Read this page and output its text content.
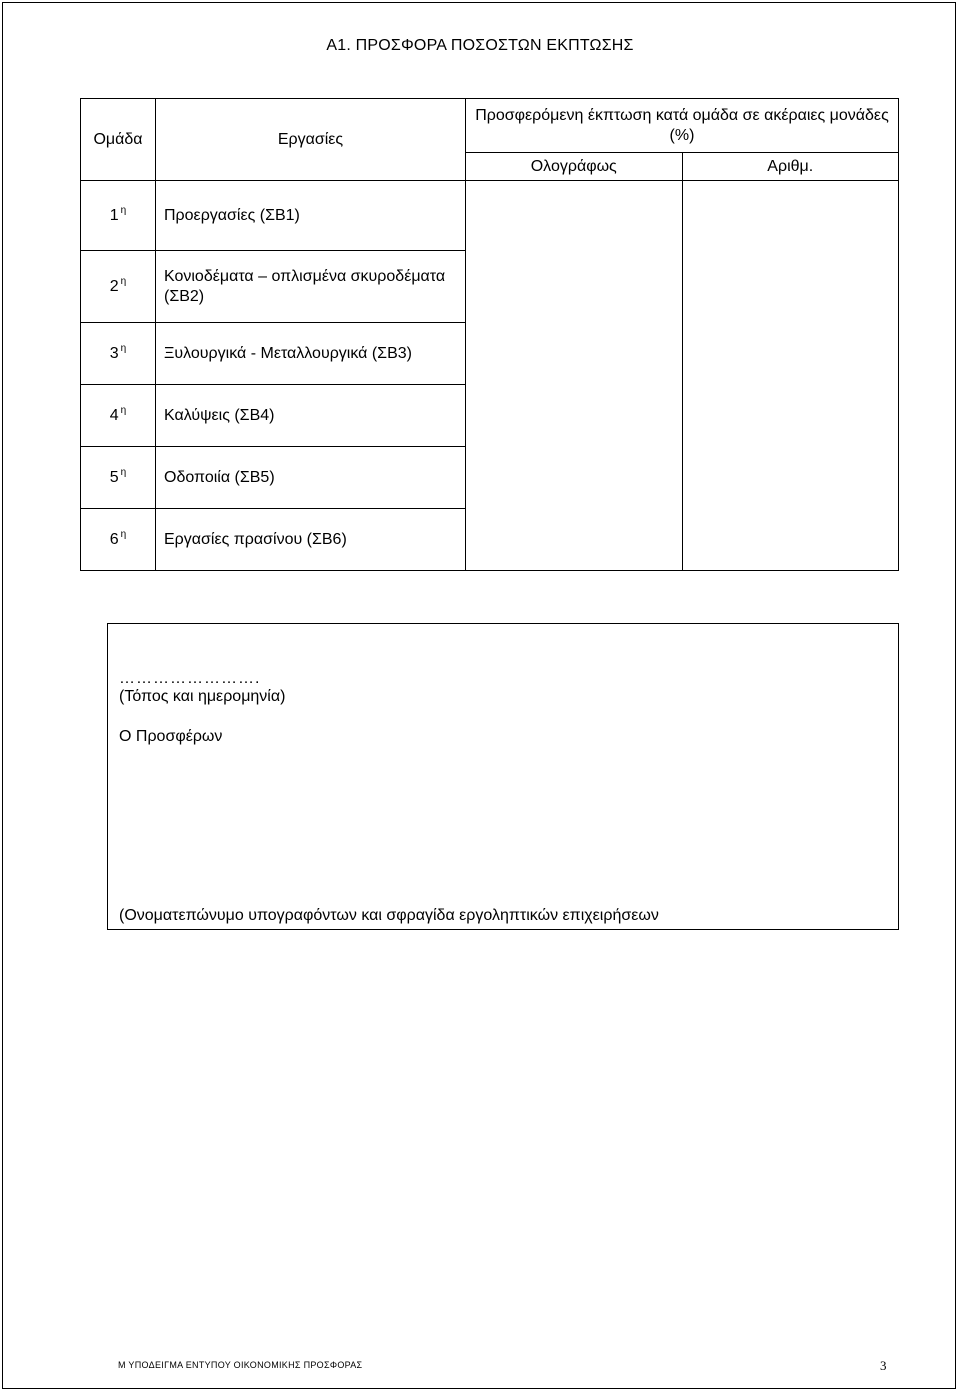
Α1. ΠΡΟΣΦΟΡΑ ΠΟΣΟΣΤΩΝ ΕΚΠΤΩΣΗΣ
Ομάδα	Εργασίες	Προσφερόμενη έκπτωση κατά ομάδα σε ακέραιες μονάδες (%)	
		Ολογράφως	Αριθμ.
1 $^\eta$	Προεργασίες (ΣΒ1)		
2 $^\eta$	Κονιοδέματα – οπλισμένα σκυροδέματα (ΣΒ2)		
3 $^\eta$	Ξυλουργικά - Μεταλλουργικά (ΣΒ3)		
4 $^\eta$	Καλύψεις (ΣΒ4)		
5 $^\eta$	Οδοποιία (ΣΒ5)		
6 $^\eta$	Εργασίες πρασίνου (ΣΒ6)		
…………………….
(Τόπος και ημερομηνία)
Ο Προσφέρων
(Ονοματεπώνυμο υπογραφόντων και σφραγίδα εργοληπτικών επιχειρήσεων
Μ ΥΠΟΔΕΙΓΜΑ ΕΝΤΥΠΟΥ ΟΙΚΟΝΟΜΙΚΗΣ ΠΡΟΣΦΟΡΑΣ	3
